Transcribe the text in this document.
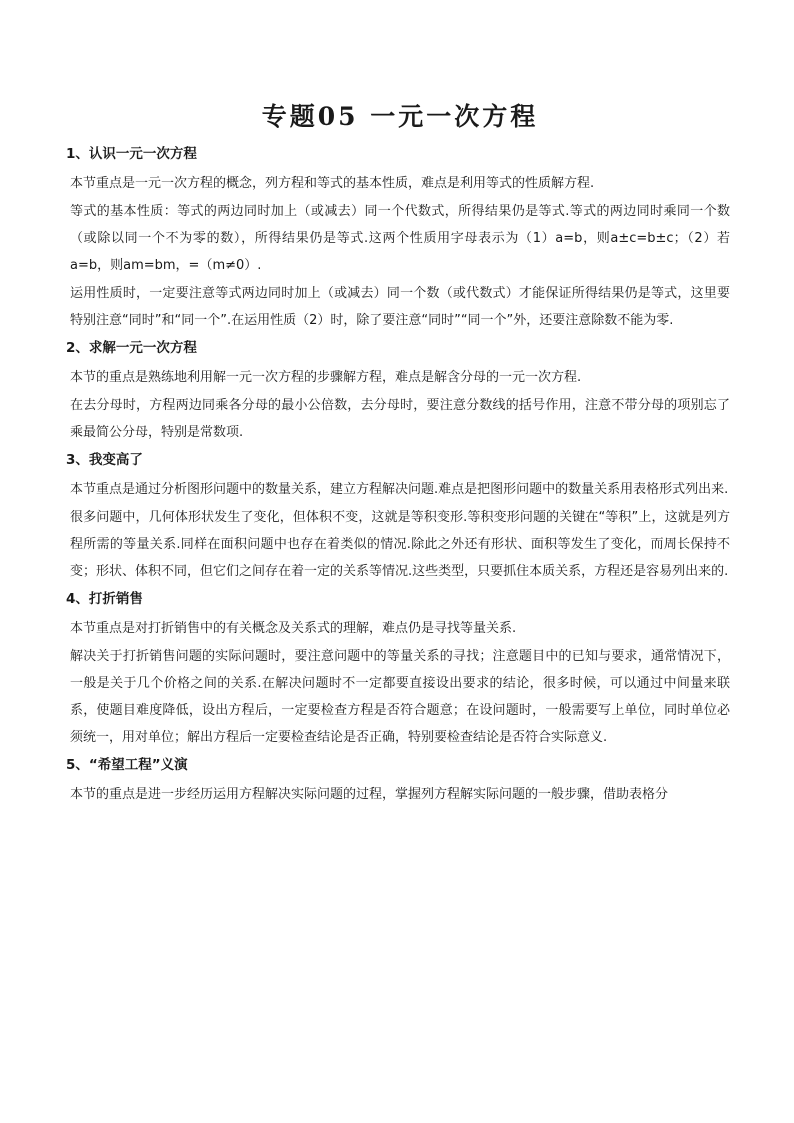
专题05 一元一次方程
1、认识一元一次方程

本节重点是一元一次方程的概念，列方程和等式的基本性质，难点是利用等式的性质解方程.

等式的基本性质：等式的两边同时加上（或减去）同一个代数式，所得结果仍是等式.等式的两边同时乘同一个数（或除以同一个不为零的数），所得结果仍是等式.这两个性质用字母表示为（1）a=b，则a±c=b±c；（2）若a=b，则am=bm，=（m≠0）.

运用性质时，一定要注意等式两边同时加上（或减去）同一个数（或代数式）才能保证所得结果仍是等式，这里要特别注意“同时”和“同一个”.在运用性质（2）时，除了要注意“同时”“同一个”外，还要注意除数不能为零.

2、求解一元一次方程

本节的重点是熟练地利用解一元一次方程的步骤解方程，难点是解含分母的一元一次方程.

在去分母时，方程两边同乘各分母的最小公倍数，去分母时，要注意分数线的括号作用，注意不带分母的项别忘了乘最简公分母，特别是常数项.

3、我变高了

本节重点是通过分析图形问题中的数量关系，建立方程解决问题.难点是把图形问题中的数量关系用表格形式列出来.

很多问题中，几何体形状发生了变化，但体积不变，这就是等积变形.等积变形问题的关键在“等积”上，这就是列方程所需的等量关系.同样在面积问题中也存在着类似的情况.除此之外还有形状、面积等发生了变化，而周长保持不变；形状、体积不同，但它们之间存在着一定的关系等情况.这些类型，只要抓住本质关系，方程还是容易列出来的.

4、打折销售

本节重点是对打折销售中的有关概念及关系式的理解，难点仍是寻找等量关系.

解决关于打折销售问题的实际问题时，要注意问题中的等量关系的寻找；注意题目中的已知与要求，通常情况下，一般是关于几个价格之间的关系.在解决问题时不一定都要直接设出要求的结论，很多时候，可以通过中间量来联系，使题目难度降低，设出方程后，一定要检查方程是否符合题意；在设问题时，一般需要写上单位，同时单位必须统一，用对单位；解出方程后一定要检查结论是否正确，特别要检查结论是否符合实际意义.

5、“希望工程”义演

本节的重点是进一步经历运用方程解决实际问题的过程，掌握列方程解实际问题的一般步骤，借助表格分
